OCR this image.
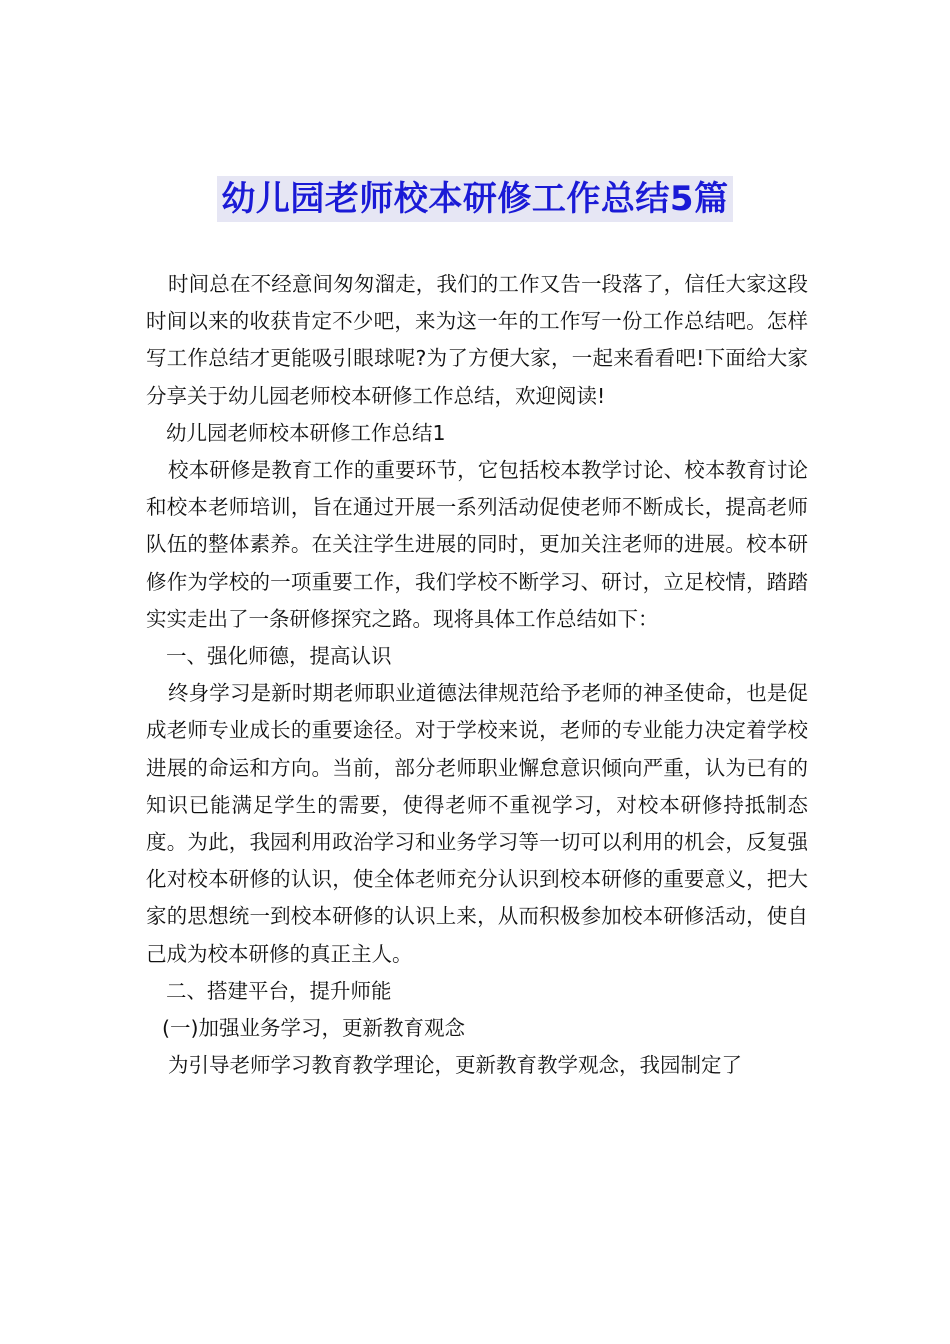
幼儿园老师校本研修工作总结5篇

时间总在不经意间匆匆溜走，我们的工作又告一段落了，信任大家这段时间以来的收获肯定不少吧，来为这一年的工作写一份工作总结吧。怎样写工作总结才更能吸引眼球呢?为了方便大家，一起来看看吧!下面给大家分享关于幼儿园老师校本研修工作总结，欢迎阅读!

幼儿园老师校本研修工作总结1

校本研修是教育工作的重要环节，它包括校本教学讨论、校本教育讨论和校本老师培训，旨在通过开展一系列活动促使老师不断成长，提高老师队伍的整体素养。在关注学生进展的同时，更加关注老师的进展。校本研修作为学校的一项重要工作，我们学校不断学习、研讨，立足校情，踏踏实实走出了一条研修探究之路。现将具体工作总结如下：

一、强化师德，提高认识

终身学习是新时期老师职业道德法律规范给予老师的神圣使命，也是促成老师专业成长的重要途径。对于学校来说，老师的专业能力决定着学校进展的命运和方向。当前，部分老师职业懈怠意识倾向严重，认为已有的知识已能满足学生的需要，使得老师不重视学习，对校本研修持抵制态度。为此，我园利用政治学习和业务学习等一切可以利用的机会，反复强化对校本研修的认识，使全体老师充分认识到校本研修的重要意义，把大家的思想统一到校本研修的认识上来，从而积极参加校本研修活动，使自己成为校本研修的真正主人。

二、搭建平台，提升师能

(一)加强业务学习，更新教育观念

为引导老师学习教育教学理论，更新教育教学观念，我园制定了
